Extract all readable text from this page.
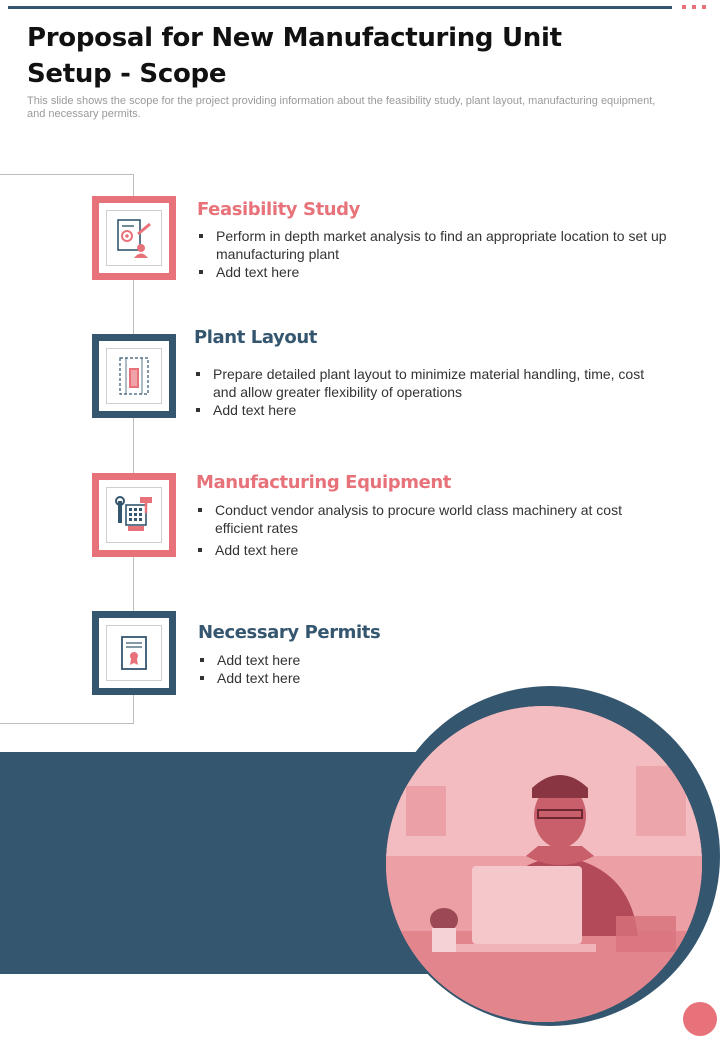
Proposal for New Manufacturing Unit Setup - Scope

This slide shows the scope for the project providing information about the feasibility study, plant layout, manufacturing equipment, and necessary permits.

Feasibility Study
Perform in depth market analysis to find an appropriate location to set up manufacturing plant
Add text here
Plant Layout
Prepare detailed plant layout to minimize material handling, time, cost and allow greater flexibility of operations
Add text here
Manufacturing Equipment
Conduct vendor analysis to procure world class machinery at cost efficient rates
Add text here
Necessary Permits
Add text here
Add text here
